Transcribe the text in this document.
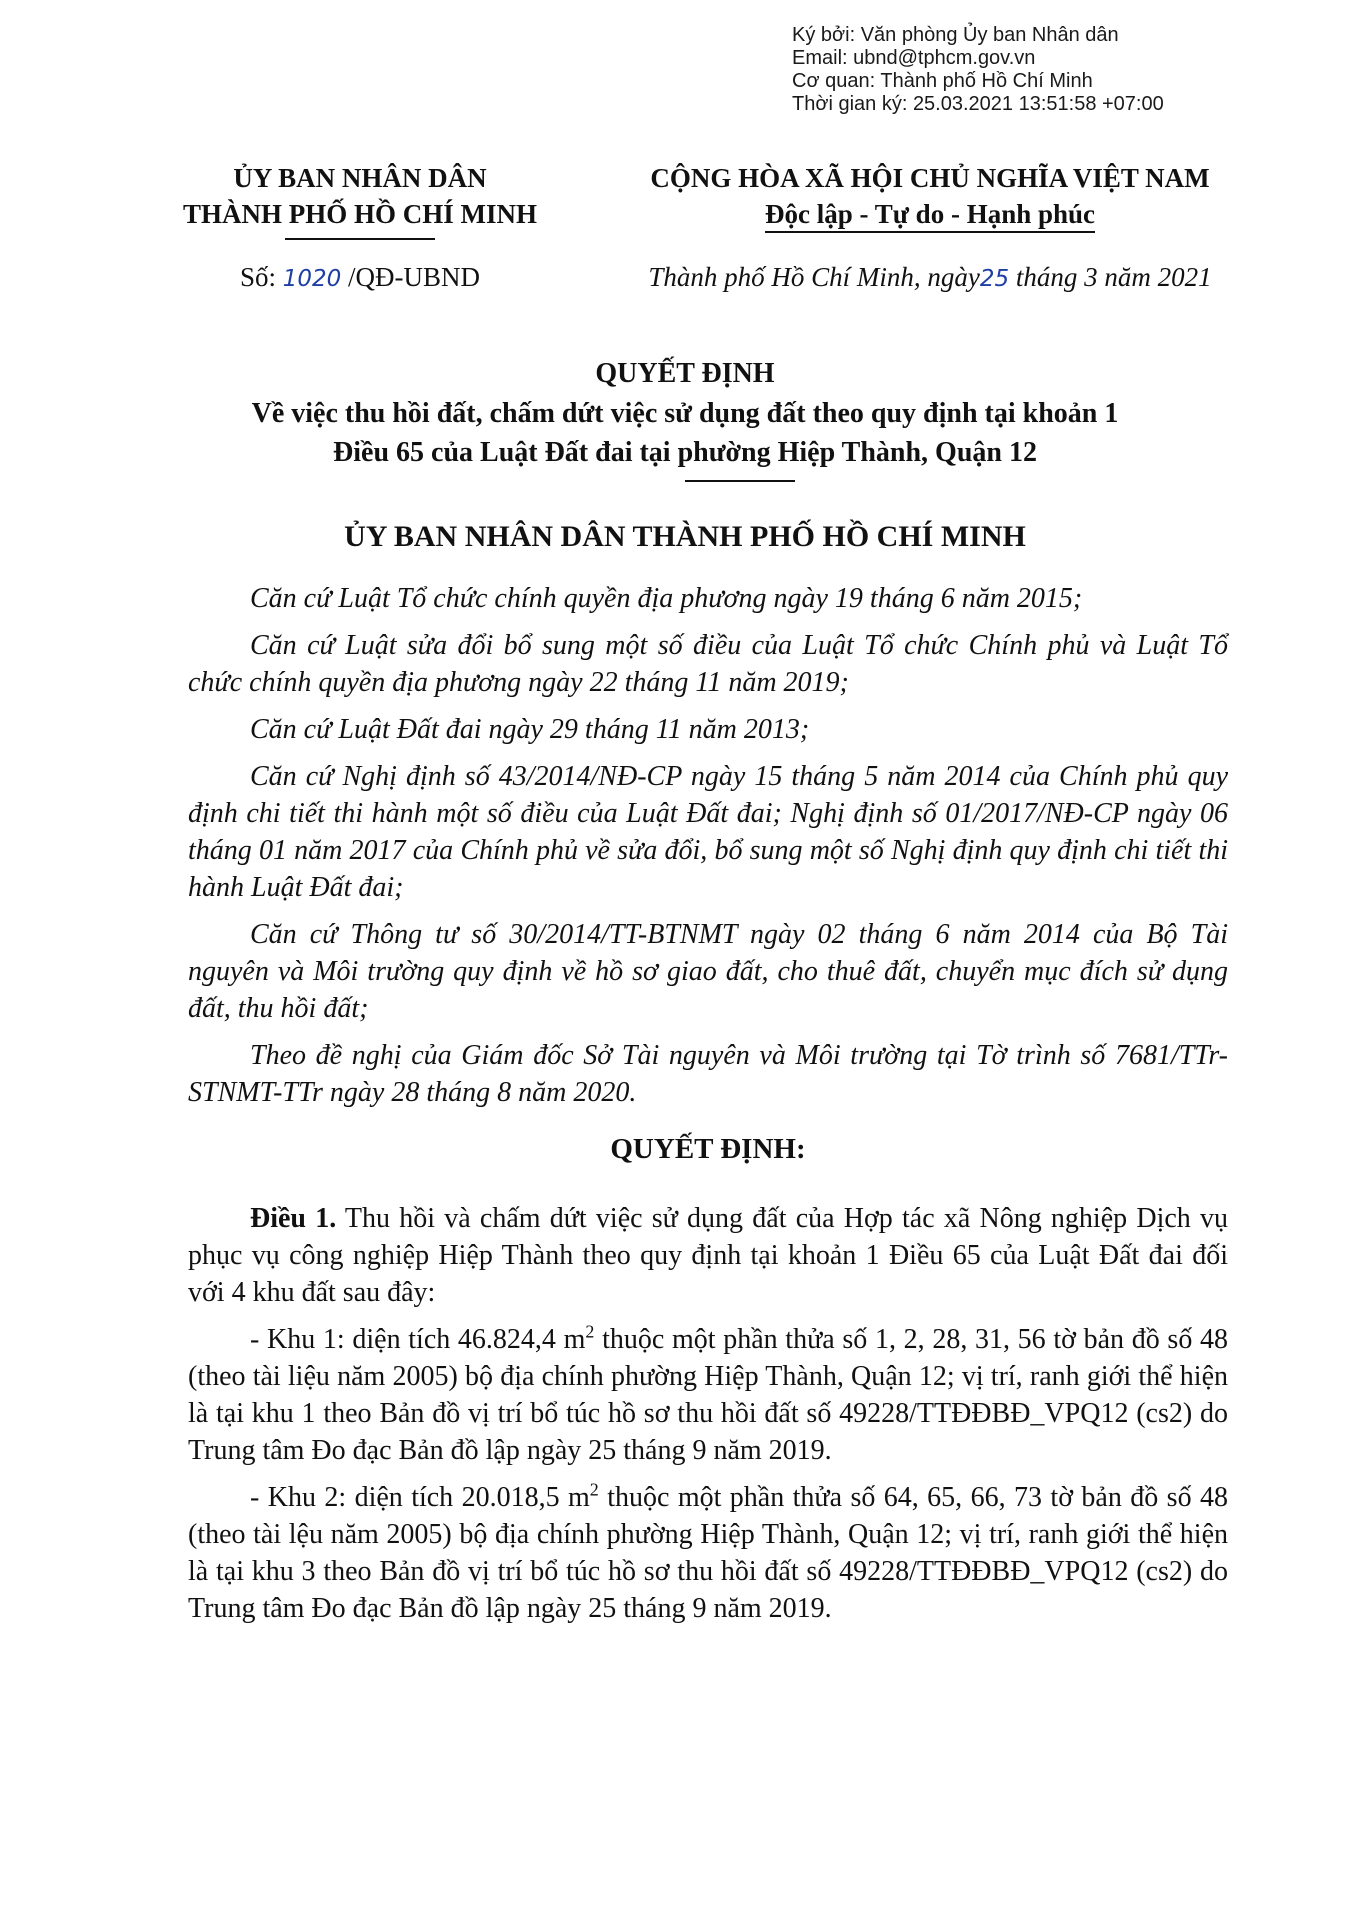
Ký bởi: Văn phòng Ủy ban Nhân dân
Email: ubnd@tphcm.gov.vn
Cơ quan: Thành phố Hồ Chí Minh
Thời gian ký: 25.03.2021 13:51:58 +07:00
ỦY BAN NHÂN DÂN
THÀNH PHỐ HỒ CHÍ MINH
CỘNG HÒA XÃ HỘI CHỦ NGHĨA VIỆT NAM
Độc lập - Tự do - Hạnh phúc
Số: 1020 /QĐ-UBND	Thành phố Hồ Chí Minh, ngày25 tháng 3 năm 2021
QUYẾT ĐỊNH
Về việc thu hồi đất, chấm dứt việc sử dụng đất theo quy định tại khoản 1
Điều 65 của Luật Đất đai tại phường Hiệp Thành, Quận 12
ỦY BAN NHÂN DÂN THÀNH PHỐ HỒ CHÍ MINH

Căn cứ Luật Tổ chức chính quyền địa phương ngày 19 tháng 6 năm 2015;

Căn cứ Luật sửa đổi bổ sung một số điều của Luật Tổ chức Chính phủ và Luật Tổ chức chính quyền địa phương ngày 22 tháng 11 năm 2019;

Căn cứ Luật Đất đai ngày 29 tháng 11 năm 2013;

Căn cứ Nghị định số 43/2014/NĐ-CP ngày 15 tháng 5 năm 2014 của Chính phủ quy định chi tiết thi hành một số điều của Luật Đất đai; Nghị định số 01/2017/NĐ-CP ngày 06 tháng 01 năm 2017 của Chính phủ về sửa đổi, bổ sung một số Nghị định quy định chi tiết thi hành Luật Đất đai;

Căn cứ Thông tư số 30/2014/TT-BTNMT ngày 02 tháng 6 năm 2014 của Bộ Tài nguyên và Môi trường quy định về hồ sơ giao đất, cho thuê đất, chuyển mục đích sử dụng đất, thu hồi đất;

Theo đề nghị của Giám đốc Sở Tài nguyên và Môi trường tại Tờ trình số 7681/TTr-STNMT-TTr ngày 28 tháng 8 năm 2020.

QUYẾT ĐỊNH:

Điều 1. Thu hồi và chấm dứt việc sử dụng đất của Hợp tác xã Nông nghiệp Dịch vụ phục vụ công nghiệp Hiệp Thành theo quy định tại khoản 1 Điều 65 của Luật Đất đai đối với 4 khu đất sau đây:

- Khu 1: diện tích 46.824,4 $m^2$ thuộc một phần thửa số 1, 2, 28, 31, 56 tờ bản đồ số 48 (theo tài liệu năm 2005) bộ địa chính phường Hiệp Thành, Quận 12; vị trí, ranh giới thể hiện là tại khu 1 theo Bản đồ vị trí bổ túc hồ sơ thu hồi đất số 49228/TTĐĐBĐ_VPQ12 (cs2) do Trung tâm Đo đạc Bản đồ lập ngày 25 tháng 9 năm 2019.

- Khu 2: diện tích 20.018,5 $m^2$ thuộc một phần thửa số 64, 65, 66, 73 tờ bản đồ số 48 (theo tài lệu năm 2005) bộ địa chính phường Hiệp Thành, Quận 12; vị trí, ranh giới thể hiện là tại khu 3 theo Bản đồ vị trí bổ túc hồ sơ thu hồi đất số 49228/TTĐĐBĐ_VPQ12 (cs2) do Trung tâm Đo đạc Bản đồ lập ngày 25 tháng 9 năm 2019.
